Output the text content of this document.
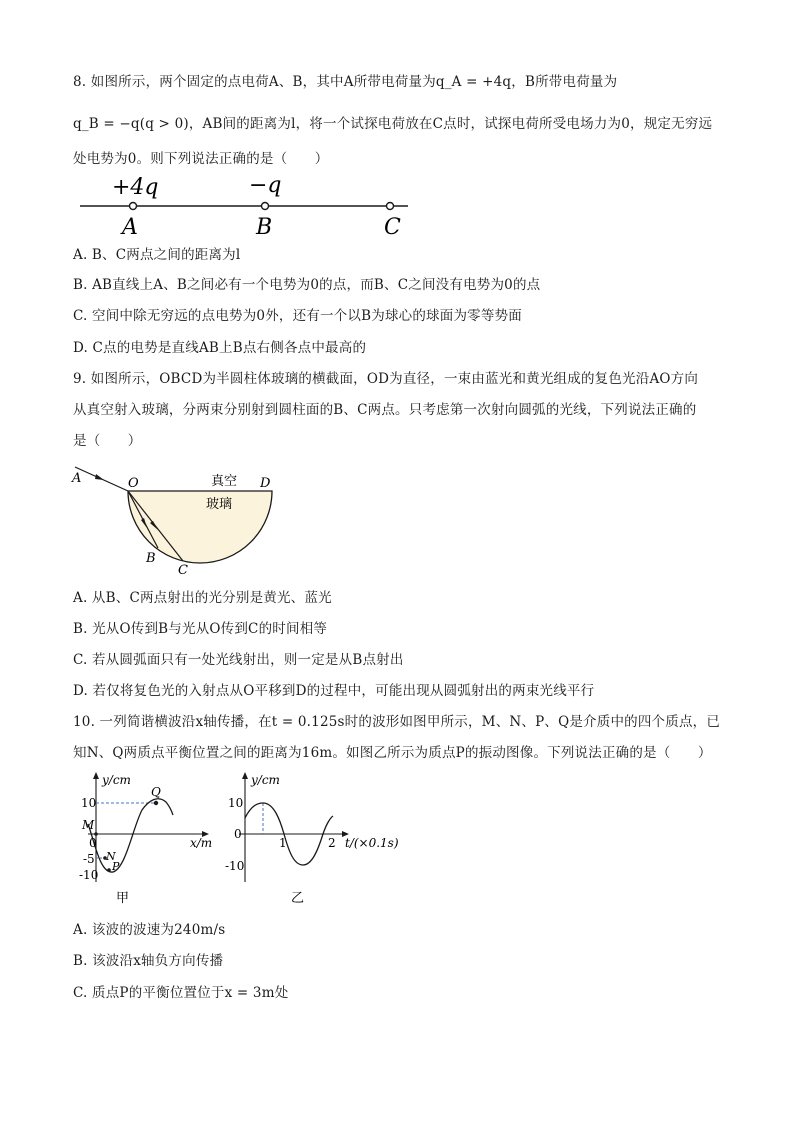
8. 如图所示，两个固定的点电荷A、B，其中A所带电荷量为q_A = +4q，B所带电荷量为
q_B = −q(q > 0)，AB间的距离为l，将一个试探电荷放在C点时，试探电荷所受电场力为0，规定无穷远
处电势为0。则下列说法正确的是（　　）
+4q	−q
A	B	C
A. B、C两点之间的距离为l
B. AB直线上A、B之间必有一个电势为0的点，而B、C之间没有电势为0的点
C. 空间中除无穷远的点电势为0外，还有一个以B为球心的球面为零等势面
D. C点的电势是直线AB上B点右侧各点中最高的
9. 如图所示，OBCD为半圆柱体玻璃的横截面，OD为直径，一束由蓝光和黄光组成的复色光沿AO方向
从真空射入玻璃，分两束分别射到圆柱面的B、C两点。只考虑第一次射向圆弧的光线，下列说法正确的
是（　　）
A	O	D
真空
玻璃
B
C
A. 从B、C两点射出的光分别是黄光、蓝光
B. 光从O传到B与光从O传到C的时间相等
C. 若从圆弧面只有一处光线射出，则一定是从B点射出
D. 若仅将复色光的入射点从O平移到D的过程中，可能出现从圆弧射出的两束光线平行
10. 一列简谐横波沿x轴传播，在t = 0.125s时的波形如图甲所示，M、N、P、Q是介质中的四个质点，已
知N、Q两质点平衡位置之间的距离为16m。如图乙所示为质点P的振动图像。下列说法正确的是（　　）
y/cm
x/m
10
0
-5
-10
M
N
P
Q
甲
y/cm
t/(×0.1s)
10
0
-10
1	2
乙
A. 该波的波速为240m/s
B. 该波沿x轴负方向传播
C. 质点P的平衡位置位于x = 3m处
